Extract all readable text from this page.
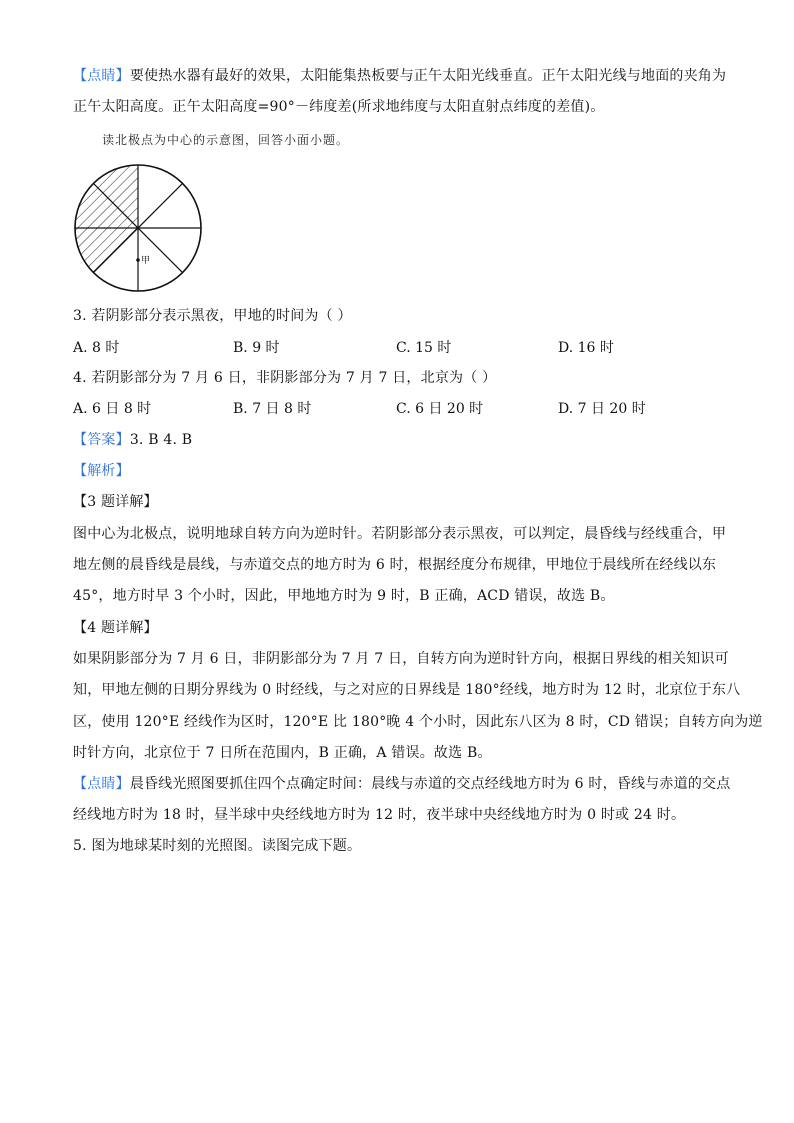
【点睛】要使热水器有最好的效果，太阳能集热板要与正午太阳光线垂直。正午太阳光线与地面的夹角为
正午太阳高度。正午太阳高度=90°－纬度差(所求地纬度与太阳直射点纬度的差值)。
读北极点为中心的示意图，回答小面小题。
甲
3. 若阴影部分表示黑夜，甲地的时间为（ ）
A. 8 时	B. 9 时	C. 15 时	D. 16 时
4. 若阴影部分为 7 月 6 日，非阴影部分为 7 月 7 日，北京为（ ）
A. 6 日 8 时	B. 7 日 8 时	C. 6 日 20 时	D. 7 日 20 时
【答案】3. B 4. B
【解析】
【3 题详解】
图中心为北极点，说明地球自转方向为逆时针。若阴影部分表示黑夜，可以判定，晨昏线与经线重合，甲
地左侧的晨昏线是晨线，与赤道交点的地方时为 6 时，根据经度分布规律，甲地位于晨线所在经线以东
45°，地方时早 3 个小时，因此，甲地地方时为 9 时，B 正确，ACD 错误，故选 B。
【4 题详解】
如果阴影部分为 7 月 6 日，非阴影部分为 7 月 7 日，自转方向为逆时针方向，根据日界线的相关知识可
知，甲地左侧的日期分界线为 0 时经线，与之对应的日界线是 180°经线，地方时为 12 时，北京位于东八
区，使用 120°E 经线作为区时，120°E 比 180°晚 4 个小时，因此东八区为 8 时，CD 错误；自转方向为逆
时针方向，北京位于 7 日所在范围内，B 正确，A 错误。故选 B。
【点睛】晨昏线光照图要抓住四个点确定时间：晨线与赤道的交点经线地方时为 6 时，昏线与赤道的交点
经线地方时为 18 时，昼半球中央经线地方时为 12 时，夜半球中央经线地方时为 0 时或 24 时。
5. 图为地球某时刻的光照图。读图完成下题。
